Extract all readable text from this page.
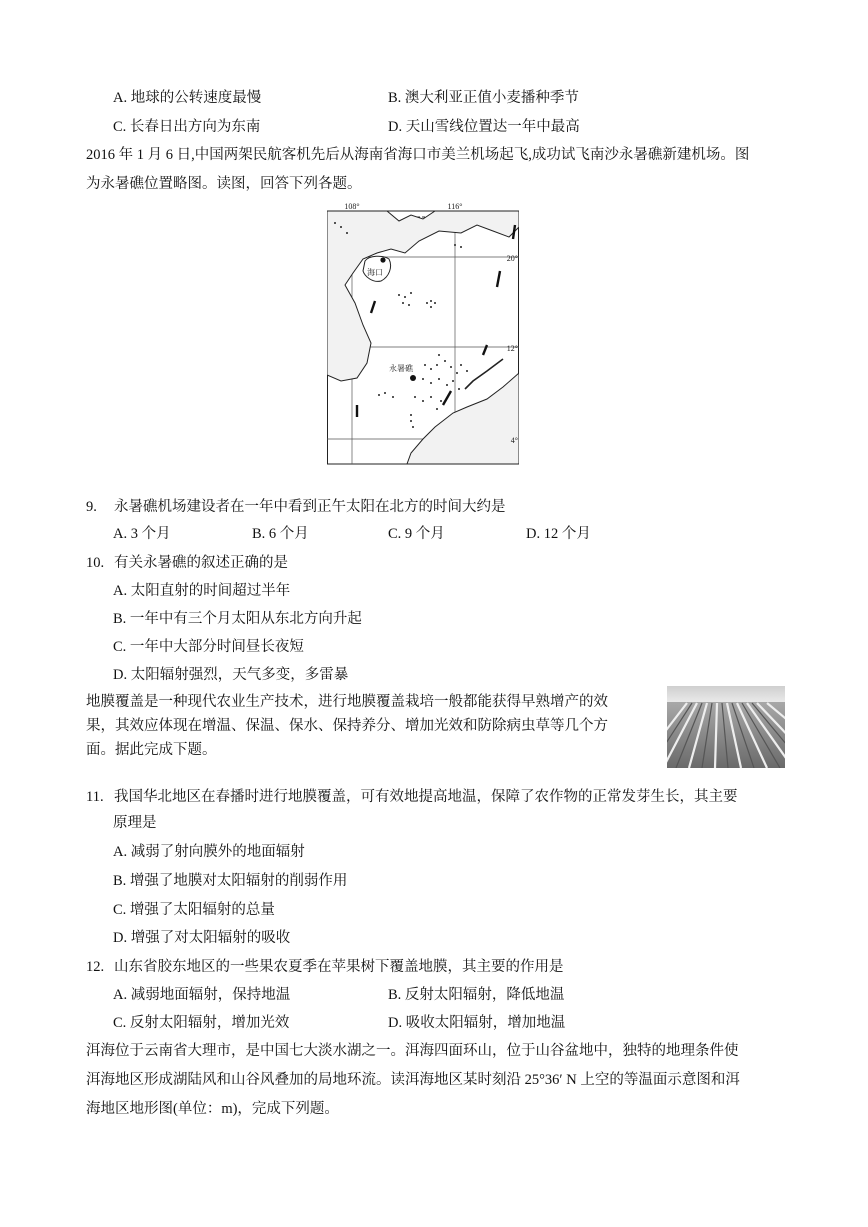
A. 地球的公转速度最慢	B. 澳大利亚正值小麦播种季节
C. 长春日出方向为东南	D. 天山雪线位置达一年中最高
2016 年 1 月 6 日,中国两架民航客机先后从海南省海口市美兰机场起飞,成功试飞南沙永暑礁新建机场。图
为永暑礁位置略图。读图，回答下列各题。
海口
永暑礁
108°	116°
20°
12°
4°
9. 永暑礁机场建设者在一年中看到正午太阳在北方的时间大约是
A. 3 个月	B. 6 个月	C. 9 个月	D. 12 个月
10. 有关永暑礁的叙述正确的是
A. 太阳直射的时间超过半年
B. 一年中有三个月太阳从东北方向升起
C. 一年中大部分时间昼长夜短
D. 太阳辐射强烈，天气多变，多雷暴
地膜覆盖是一种现代农业生产技术，进行地膜覆盖栽培一般都能获得早熟增产的效
果，其效应体现在增温、保温、保水、保持养分、增加光效和防除病虫草等几个方
面。据此完成下题。
11. 我国华北地区在春播时进行地膜覆盖，可有效地提高地温，保障了农作物的正常发芽生长，其主要
原理是
A. 减弱了射向膜外的地面辐射
B. 增强了地膜对太阳辐射的削弱作用
C. 增强了太阳辐射的总量
D. 增强了对太阳辐射的吸收
12. 山东省胶东地区的一些果农夏季在苹果树下覆盖地膜，其主要的作用是
A. 减弱地面辐射，保持地温	B. 反射太阳辐射，降低地温
C. 反射太阳辐射，增加光效	D. 吸收太阳辐射，增加地温
洱海位于云南省大理市，是中国七大淡水湖之一。洱海四面环山，位于山谷盆地中，独特的地理条件使
洱海地区形成湖陆风和山谷风叠加的局地环流。读洱海地区某时刻沿 25°36′ N 上空的等温面示意图和洱
海地区地形图(单位：m)，完成下列题。
